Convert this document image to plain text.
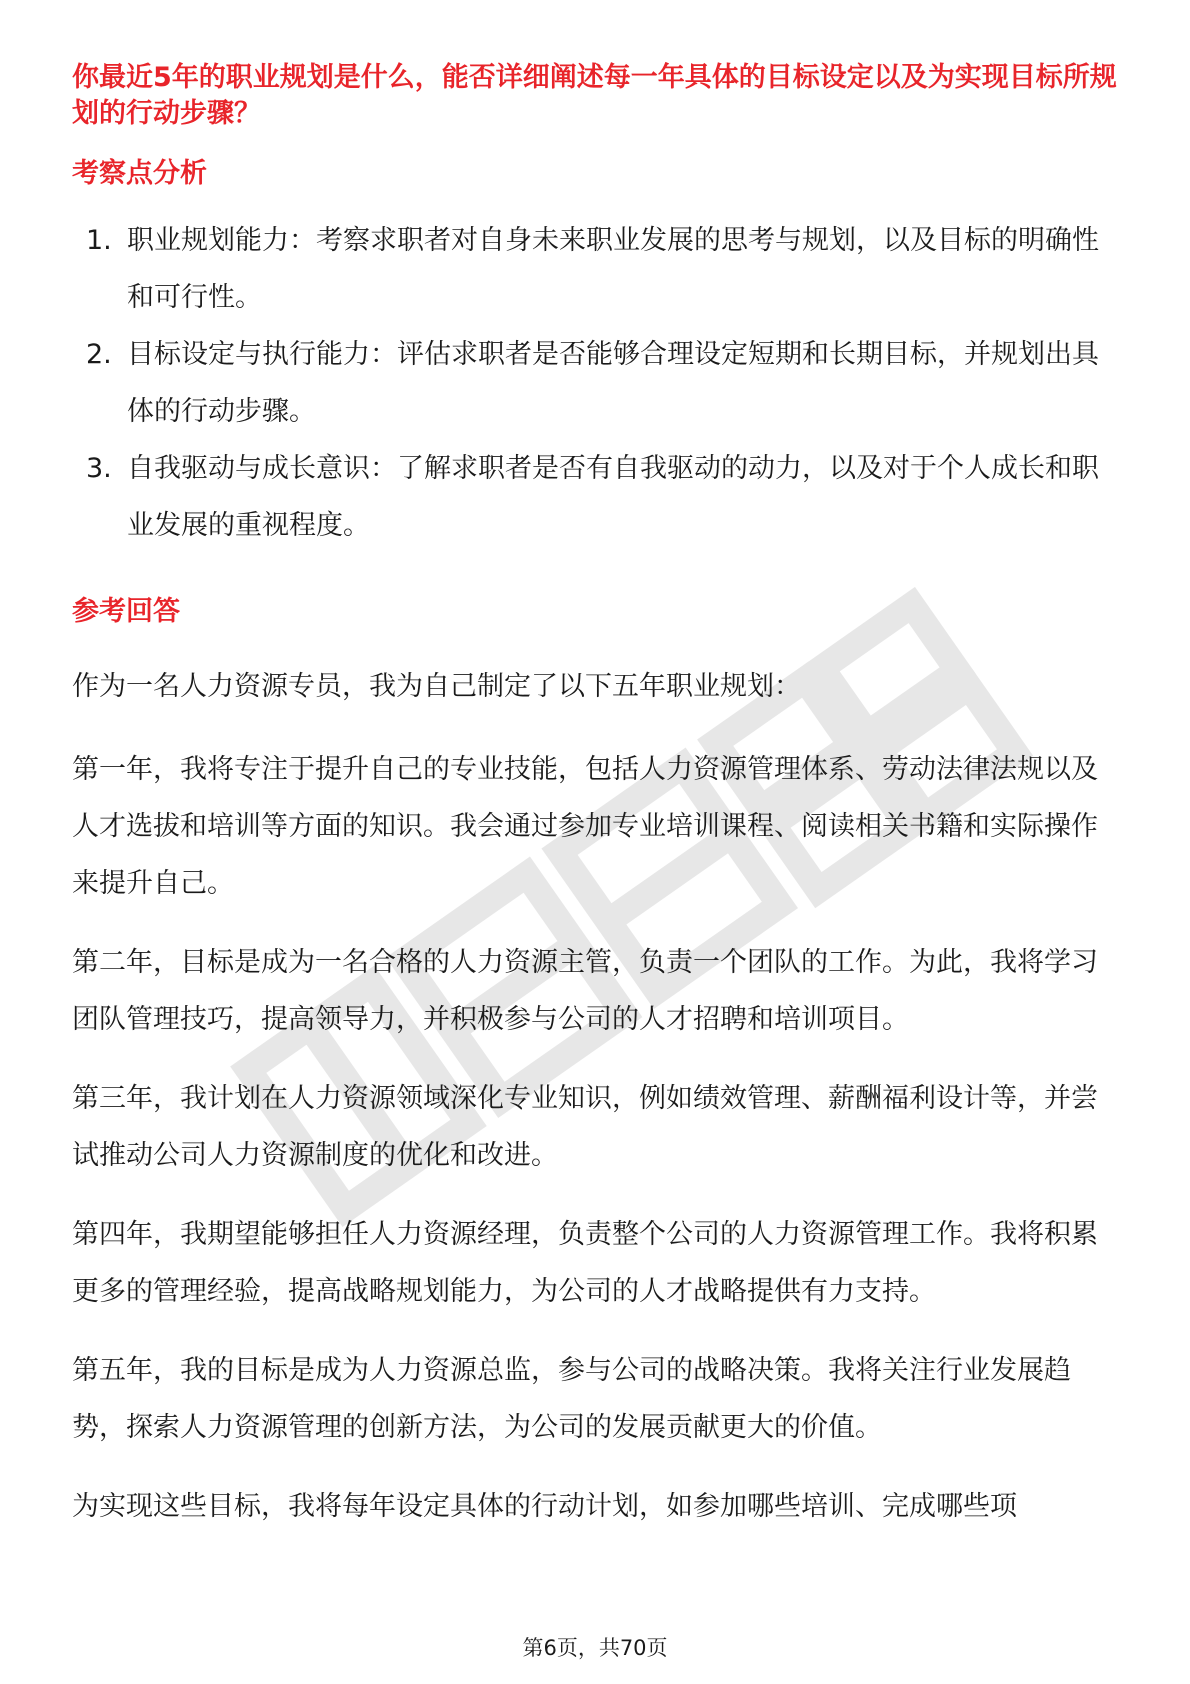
你最近5年的职业规划是什么，能否详细阐述每一年具体的目标设定以及为实现目标所规划的行动步骤？

考察点分析
1. 职业规划能力：考察求职者对自身未来职业发展的思考与规划，以及目标的明确性和可行性。
2. 目标设定与执行能力：评估求职者是否能够合理设定短期和长期目标，并规划出具体的行动步骤。
3. 自我驱动与成长意识：了解求职者是否有自我驱动的动力，以及对于个人成长和职业发展的重视程度。
参考回答

作为一名人力资源专员，我为自己制定了以下五年职业规划：

第一年，我将专注于提升自己的专业技能，包括人力资源管理体系、劳动法律法规以及人才选拔和培训等方面的知识。我会通过参加专业培训课程、阅读相关书籍和实际操作来提升自己。

第二年，目标是成为一名合格的人力资源主管，负责一个团队的工作。为此，我将学习团队管理技巧，提高领导力，并积极参与公司的人才招聘和培训项目。

第三年，我计划在人力资源领域深化专业知识，例如绩效管理、薪酬福利设计等，并尝试推动公司人力资源制度的优化和改进。

第四年，我期望能够担任人力资源经理，负责整个公司的人力资源管理工作。我将积累更多的管理经验，提高战略规划能力，为公司的人才战略提供有力支持。

第五年，我的目标是成为人力资源总监，参与公司的战略决策。我将关注行业发展趋势，探索人力资源管理的创新方法，为公司的发展贡献更大的价值。

为实现这些目标，我将每年设定具体的行动计划，如参加哪些培训、完成哪些项

第6页，共70页
